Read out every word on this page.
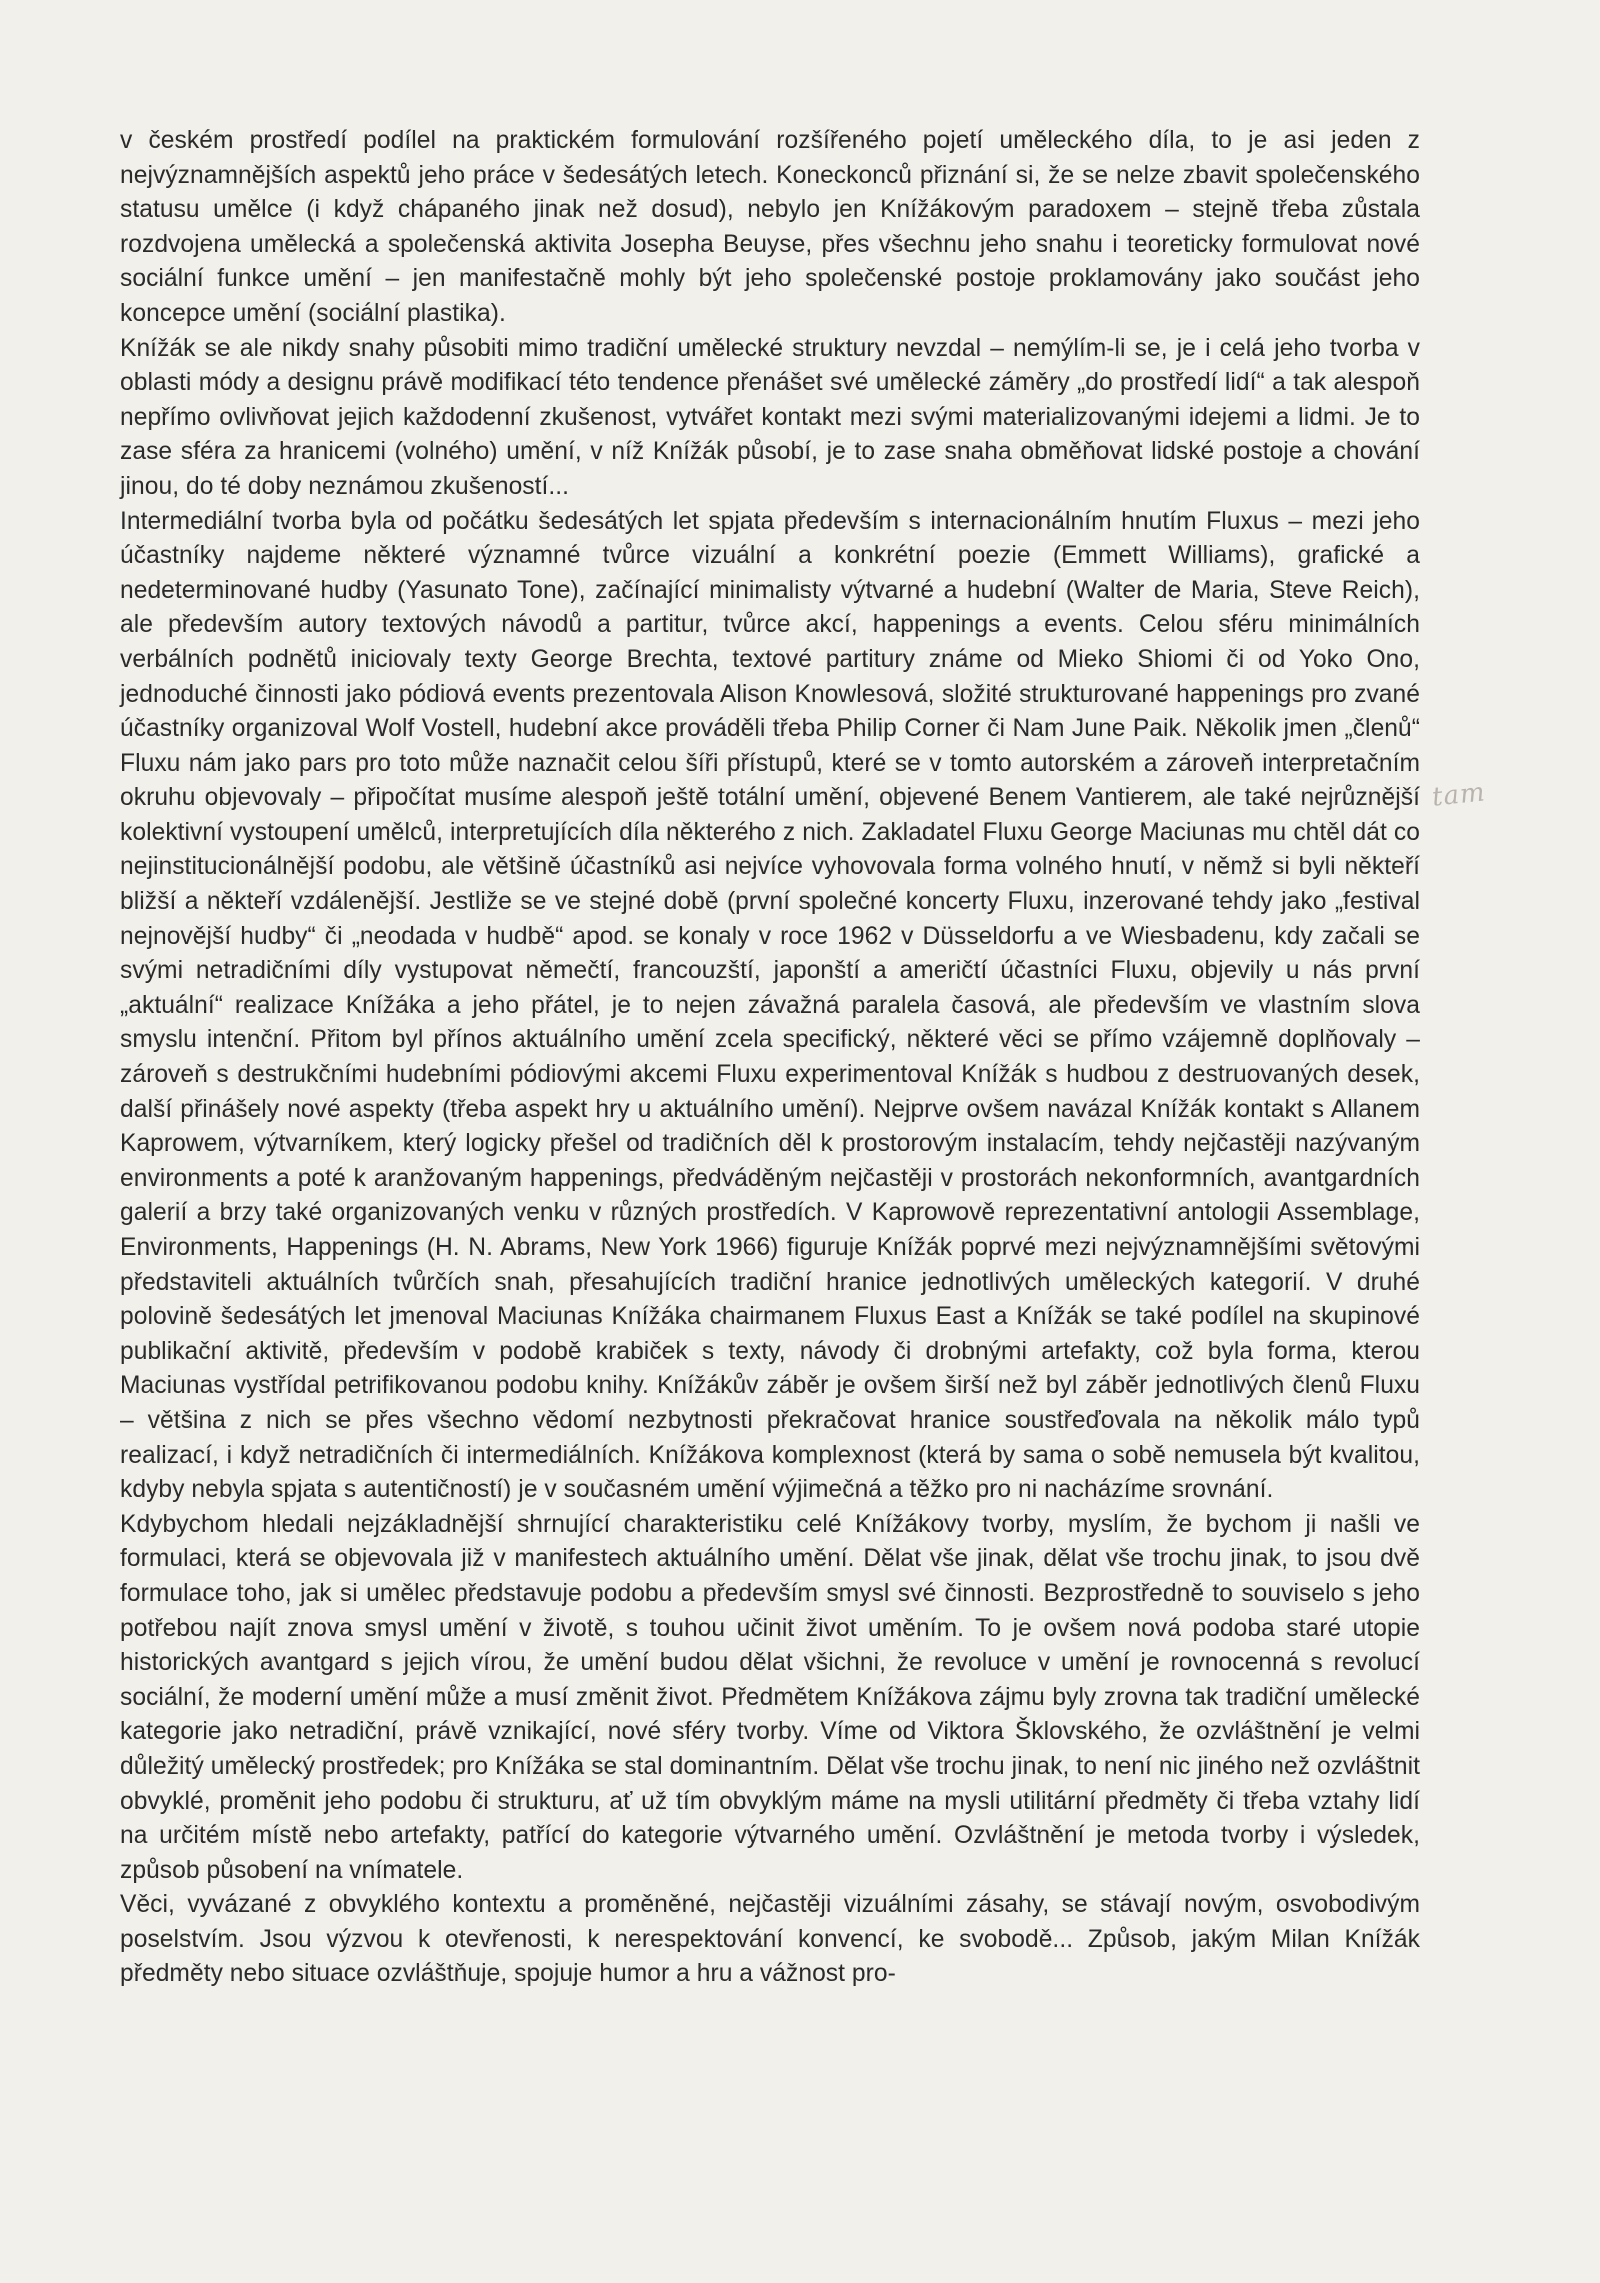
v českém prostředí podílel na praktickém formulování rozšířeného pojetí uměleckého díla, to je asi jeden z nejvýznamnějších aspektů jeho práce v šedesátých letech. Koneckonců přiznání si, že se nelze zbavit společenského statusu umělce (i když chápaného jinak než dosud), nebylo jen Knížákovým paradoxem – stejně třeba zůstala rozdvojena umělecká a společenská aktivita Josepha Beuyse, přes všechnu jeho snahu i teoreticky formulovat nové sociální funkce umění – jen manifestačně mohly být jeho společenské postoje proklamovány jako součást jeho koncepce umění (sociální plastika).

Knížák se ale nikdy snahy působiti mimo tradiční umělecké struktury nevzdal – nemýlím-li se, je i celá jeho tvorba v oblasti módy a designu právě modifikací této tendence přenášet své umělecké záměry „do prostředí lidí“ a tak alespoň nepřímo ovlivňovat jejich každodenní zkušenost, vytvářet kontakt mezi svými materializovanými idejemi a lidmi. Je to zase sféra za hranicemi (volného) umění, v níž Knížák působí, je to zase snaha obměňovat lidské postoje a chování jinou, do té doby neznámou zkušeností...

Intermediální tvorba byla od počátku šedesátých let spjata především s internacionálním hnutím Fluxus – mezi jeho účastníky najdeme některé významné tvůrce vizuální a konkrétní poezie (Emmett Williams), grafické a nedeterminované hudby (Yasunato Tone), začínající minimalisty výtvarné a hudební (Walter de Maria, Steve Reich), ale především autory textových návodů a partitur, tvůrce akcí, happenings a events. Celou sféru minimálních verbálních podnětů iniciovaly texty George Brechta, textové partitury známe od Mieko Shiomi či od Yoko Ono, jednoduché činnosti jako pódiová events prezentovala Alison Knowlesová, složité strukturované happenings pro zvané účastníky organizoval Wolf Vostell, hudební akce prováděli třeba Philip Corner či Nam June Paik. Několik jmen „členů“ Fluxu nám jako pars pro toto může naznačit celou šíři přístupů, které se v tomto autorském a zároveň interpretačním okruhu objevovaly – připočítat musíme alespoň ještě totální umění, objevené Benem Vantierem, ale také nejrůznější kolektivní vystoupení umělců, interpretujících díla některého z nich. Zakladatel Fluxu George Maciunas mu chtěl dát co nejinstitucionálnější podobu, ale většině účastníků asi nejvíce vyhovovala forma volného hnutí, v němž si byli někteří bližší a někteří vzdálenější. Jestliže se ve stejné době (první společné koncerty Fluxu, inzerované tehdy jako „festival nejnovější hudby“ či „neodada v hudbě“ apod. se konaly v roce 1962 v Düsseldorfu a ve Wiesbadenu, kdy začali se svými netradičními díly vystupovat němečtí, francouzští, japonští a američtí účastníci Fluxu, objevily u nás první „aktuální“ realizace Knížáka a jeho přátel, je to nejen závažná paralela časová, ale především ve vlastním slova smyslu intenční. Přitom byl přínos aktuálního umění zcela specifický, některé věci se přímo vzájemně doplňovaly – zároveň s destrukčními hudebními pódiovými akcemi Fluxu experimentoval Knížák s hudbou z destruovaných desek, další přinášely nové aspekty (třeba aspekt hry u aktuálního umění). Nejprve ovšem navázal Knížák kontakt s Allanem Kaprowem, výtvarníkem, který logicky přešel od tradičních děl k prostorovým instalacím, tehdy nejčastěji nazývaným environments a poté k aranžovaným happenings, předváděným nejčastěji v prostorách nekonformních, avantgardních galerií a brzy také organizovaných venku v různých prostředích. V Kaprowově reprezentativní antologii Assemblage, Environments, Happenings (H. N. Abrams, New York 1966) figuruje Knížák poprvé mezi nejvýznamnějšími světovými představiteli aktuálních tvůrčích snah, přesahujících tradiční hranice jednotlivých uměleckých kategorií. V druhé polovině šedesátých let jmenoval Maciunas Knížáka chairmanem Fluxus East a Knížák se také podílel na skupinové publikační aktivitě, především v podobě krabiček s texty, návody či drobnými artefakty, což byla forma, kterou Maciunas vystřídal petrifikovanou podobu knihy. Knížákův záběr je ovšem širší než byl záběr jednotlivých členů Fluxu – většina z nich se přes všechno vědomí nezbytnosti překračovat hranice soustřeďovala na několik málo typů realizací, i když netradičních či intermediálních. Knížákova komplexnost (která by sama o sobě nemusela být kvalitou, kdyby nebyla spjata s autentičností) je v současném umění výjimečná a těžko pro ni nacházíme srovnání.

Kdybychom hledali nejzákladnější shrnující charakteristiku celé Knížákovy tvorby, myslím, že bychom ji našli ve formulaci, která se objevovala již v manifestech aktuálního umění. Dělat vše jinak, dělat vše trochu jinak, to jsou dvě formulace toho, jak si umělec představuje podobu a především smysl své činnosti. Bezprostředně to souviselo s jeho potřebou najít znova smysl umění v životě, s touhou učinit život uměním. To je ovšem nová podoba staré utopie historických avantgard s jejich vírou, že umění budou dělat všichni, že revoluce v umění je rovnocenná s revolucí sociální, že moderní umění může a musí změnit život. Předmětem Knížákova zájmu byly zrovna tak tradiční umělecké kategorie jako netradiční, právě vznikající, nové sféry tvorby. Víme od Viktora Šklovského, že ozvláštnění je velmi důležitý umělecký prostředek; pro Knížáka se stal dominantním. Dělat vše trochu jinak, to není nic jiného než ozvláštnit obvyklé, proměnit jeho podobu či strukturu, ať už tím obvyklým máme na mysli utilitární předměty či třeba vztahy lidí na určitém místě nebo artefakty, patřící do kategorie výtvarného umění. Ozvláštnění je metoda tvorby i výsledek, způsob působení na vnímatele.

Věci, vyvázané z obvyklého kontextu a proměněné, nejčastěji vizuálními zásahy, se stávají novým, osvobodivým poselstvím. Jsou výzvou k otevřenosti, k nerespektování konvencí, ke svobodě... Způsob, jakým Milan Knížák předměty nebo situace ozvláštňuje, spojuje humor a hru a vážnost pro-

tam
